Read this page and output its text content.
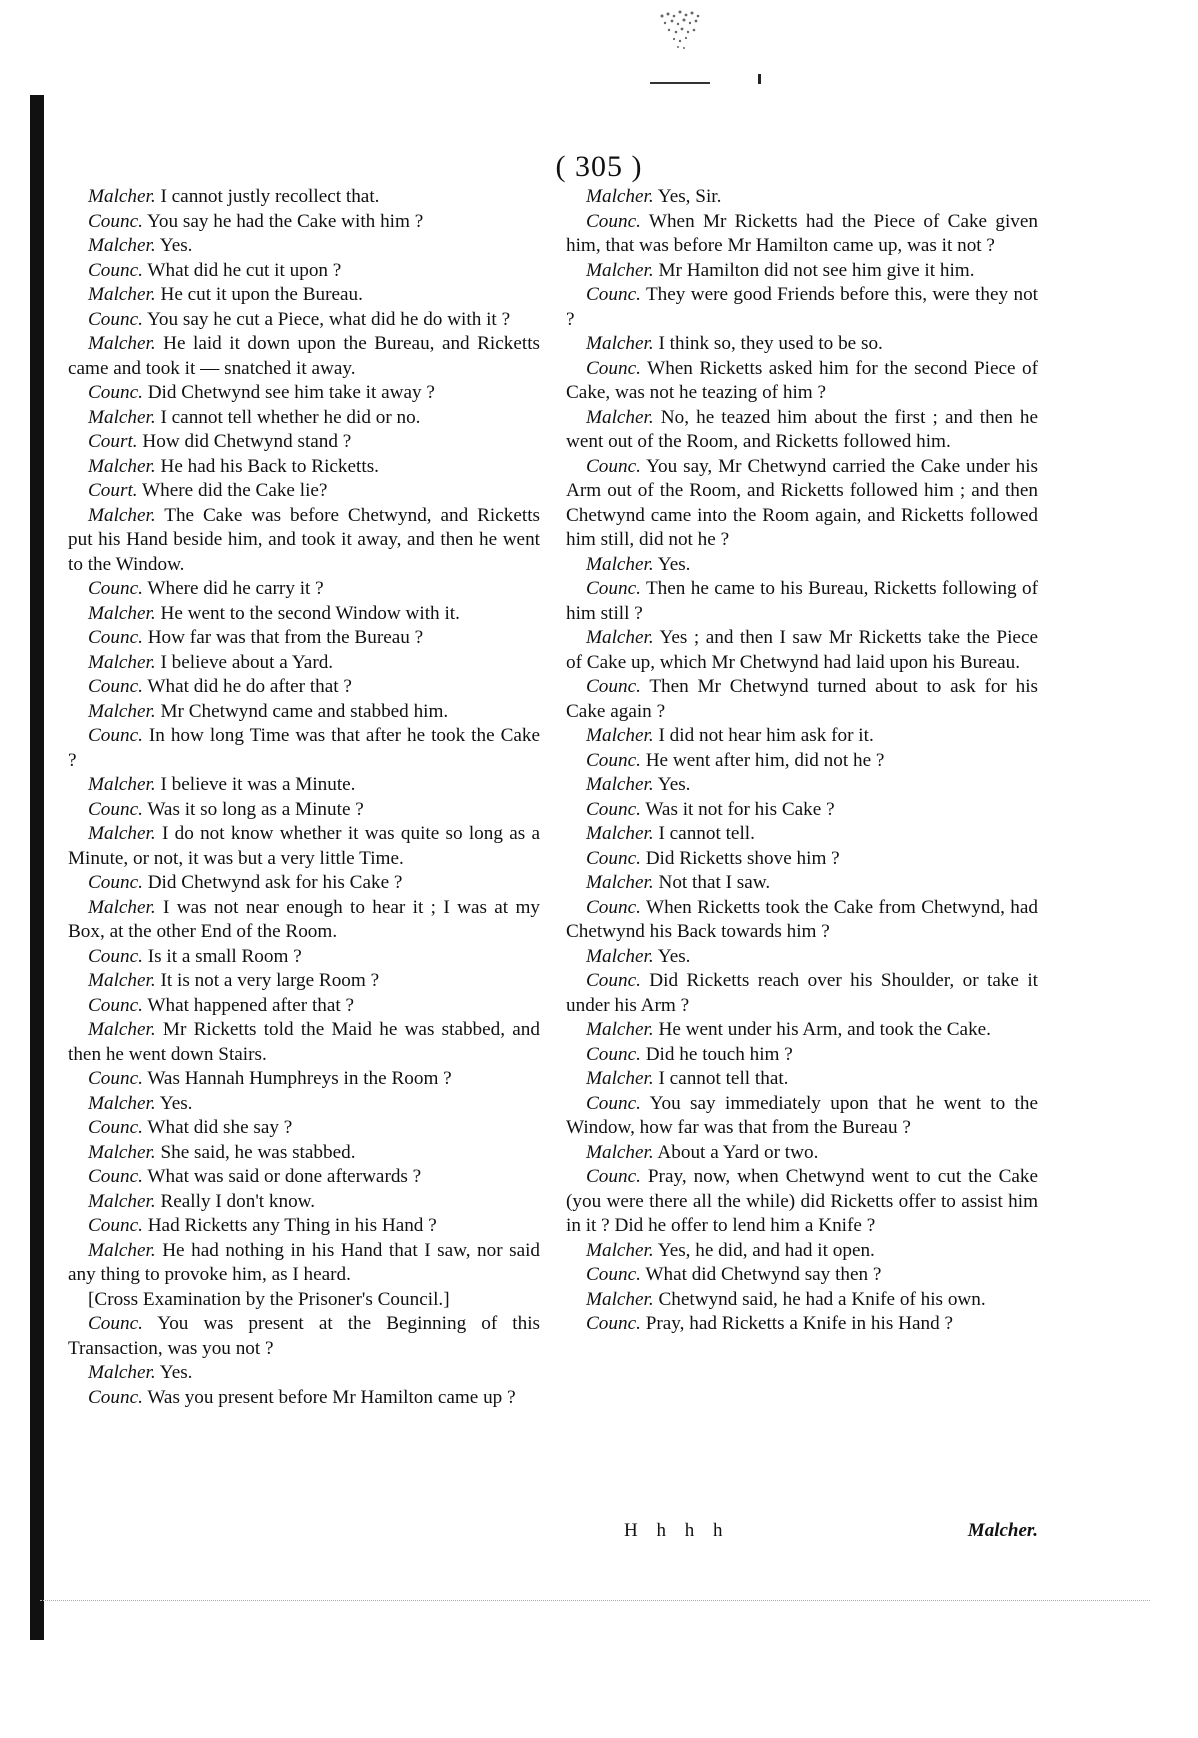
( 305 )

Malcher. I cannot justly recollect that.

Counc. You say he had the Cake with him ?

Malcher. Yes.

Counc. What did he cut it upon ?

Malcher. He cut it upon the Bureau.

Counc. You say he cut a Piece, what did he do with it ?

Malcher. He laid it down upon the Bureau, and Ricketts came and took it — snatched it away.

Counc. Did Chetwynd see him take it away ?

Malcher. I cannot tell whether he did or no.

Court. How did Chetwynd stand ?

Malcher. He had his Back to Ricketts.

Court. Where did the Cake lie?

Malcher. The Cake was before Chetwynd, and Ricketts put his Hand beside him, and took it away, and then he went to the Window.

Counc. Where did he carry it ?

Malcher. He went to the second Window with it.

Counc. How far was that from the Bureau ?

Malcher. I believe about a Yard.

Counc. What did he do after that ?

Malcher. Mr Chetwynd came and stabbed him.

Counc. In how long Time was that after he took the Cake ?

Malcher. I believe it was a Minute.

Counc. Was it so long as a Minute ?

Malcher. I do not know whether it was quite so long as a Minute, or not, it was but a very little Time.

Counc. Did Chetwynd ask for his Cake ?

Malcher. I was not near enough to hear it ; I was at my Box, at the other End of the Room.

Counc. Is it a small Room ?

Malcher. It is not a very large Room ?

Counc. What happened after that ?

Malcher. Mr Ricketts told the Maid he was stabbed, and then he went down Stairs.

Counc. Was Hannah Humphreys in the Room ?

Malcher. Yes.

Counc. What did she say ?

Malcher. She said, he was stabbed.

Counc. What was said or done afterwards ?

Malcher. Really I don't know.

Counc. Had Ricketts any Thing in his Hand ?

Malcher. He had nothing in his Hand that I saw, nor said any thing to provoke him, as I heard.

[Cross Examination by the Prisoner's Council.]

Counc. You was present at the Beginning of this Transaction, was you not ?

Malcher. Yes.

Counc. Was you present before Mr Hamilton came up ?

Malcher. Yes, Sir.

Counc. When Mr Ricketts had the Piece of Cake given him, that was before Mr Hamilton came up, was it not ?

Malcher. Mr Hamilton did not see him give it him.

Counc. They were good Friends before this, were they not ?

Malcher. I think so, they used to be so.

Counc. When Ricketts asked him for the second Piece of Cake, was not he teazing of him ?

Malcher. No, he teazed him about the first ; and then he went out of the Room, and Ricketts followed him.

Counc. You say, Mr Chetwynd carried the Cake under his Arm out of the Room, and Ricketts followed him ; and then Chetwynd came into the Room again, and Ricketts followed him still, did not he ?

Malcher. Yes.

Counc. Then he came to his Bureau, Ricketts following of him still ?

Malcher. Yes ; and then I saw Mr Ricketts take the Piece of Cake up, which Mr Chetwynd had laid upon his Bureau.

Counc. Then Mr Chetwynd turned about to ask for his Cake again ?

Malcher. I did not hear him ask for it.

Counc. He went after him, did not he ?

Malcher. Yes.

Counc. Was it not for his Cake ?

Malcher. I cannot tell.

Counc. Did Ricketts shove him ?

Malcher. Not that I saw.

Counc. When Ricketts took the Cake from Chetwynd, had Chetwynd his Back towards him ?

Malcher. Yes.

Counc. Did Ricketts reach over his Shoulder, or take it under his Arm ?

Malcher. He went under his Arm, and took the Cake.

Counc. Did he touch him ?

Malcher. I cannot tell that.

Counc. You say immediately upon that he went to the Window, how far was that from the Bureau ?

Malcher. About a Yard or two.

Counc. Pray, now, when Chetwynd went to cut the Cake (you were there all the while) did Ricketts offer to assist him in it ? Did he offer to lend him a Knife ?

Malcher. Yes, he did, and had it open.

Counc. What did Chetwynd say then ?

Malcher. Chetwynd said, he had a Knife of his own.

Counc. Pray, had Ricketts a Knife in his Hand ?

H h h h	Malcher.
